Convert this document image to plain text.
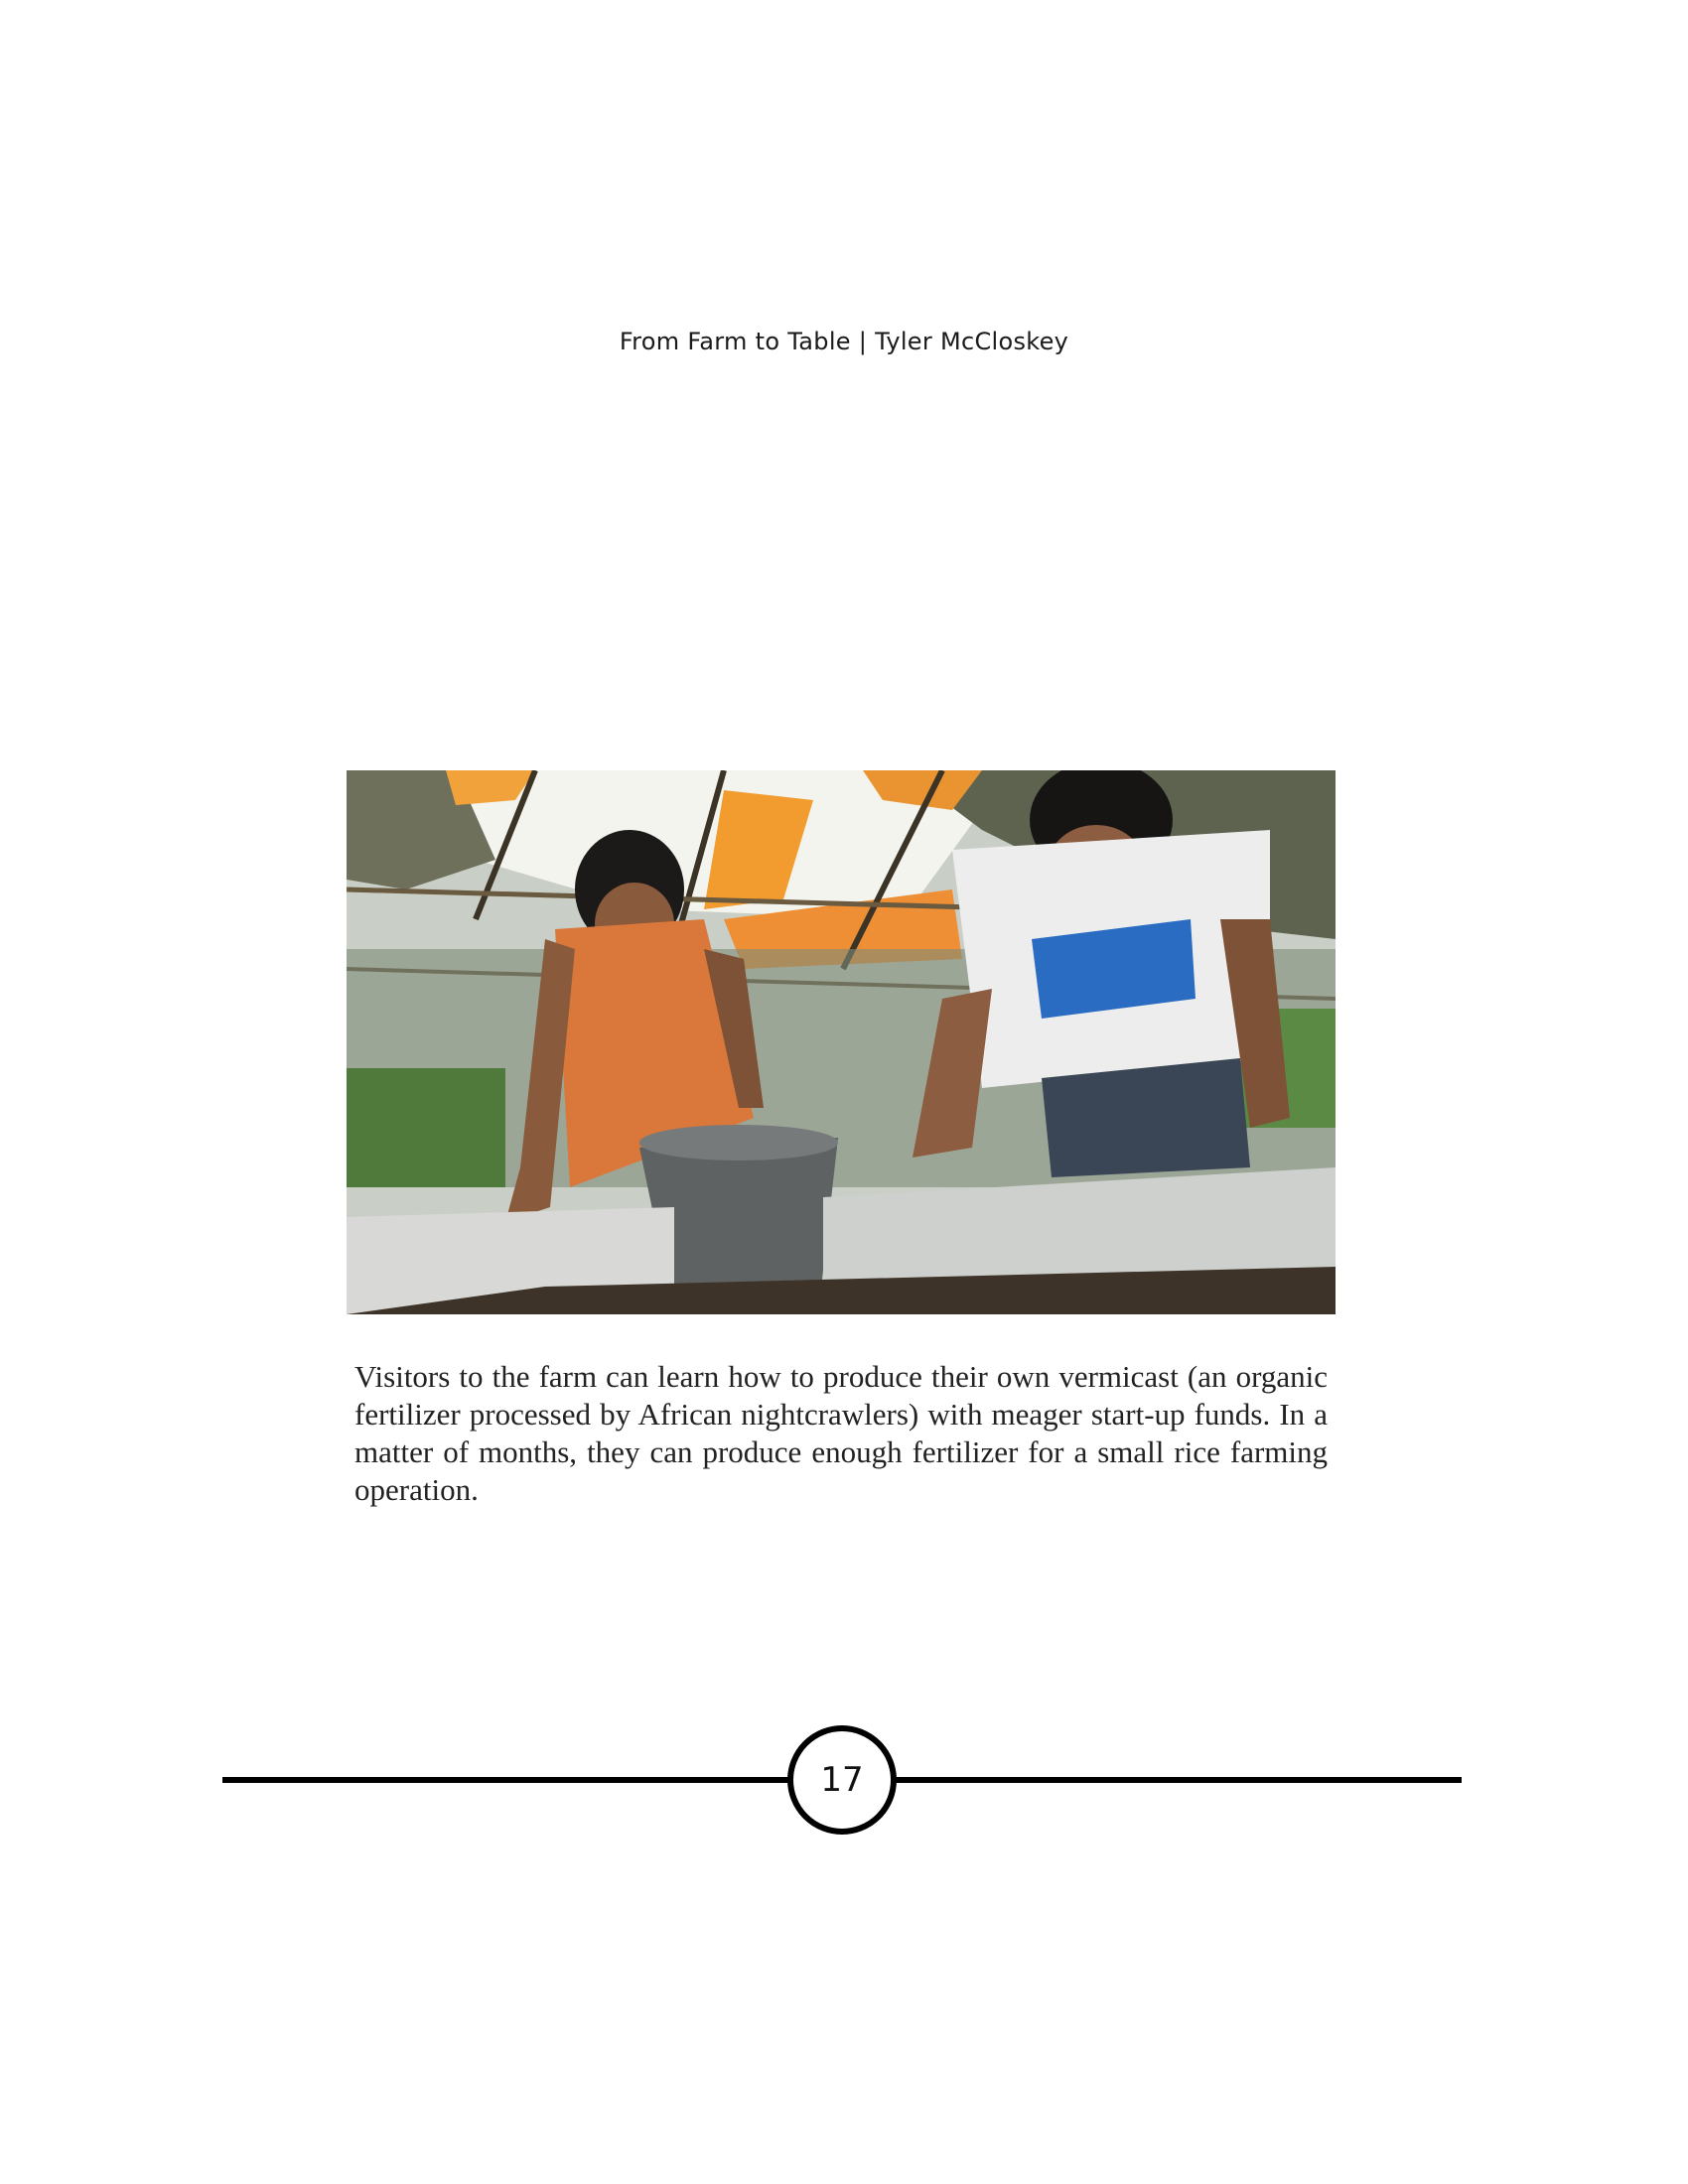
From Farm to Table | Tyler McCloskey

Visitors to the farm can learn how to produce their own vermicast (an organic fertilizer processed by African nightcrawlers) with meager start-up funds. In a matter of months, they can produce enough fertilizer for a small rice farming operation.

17
